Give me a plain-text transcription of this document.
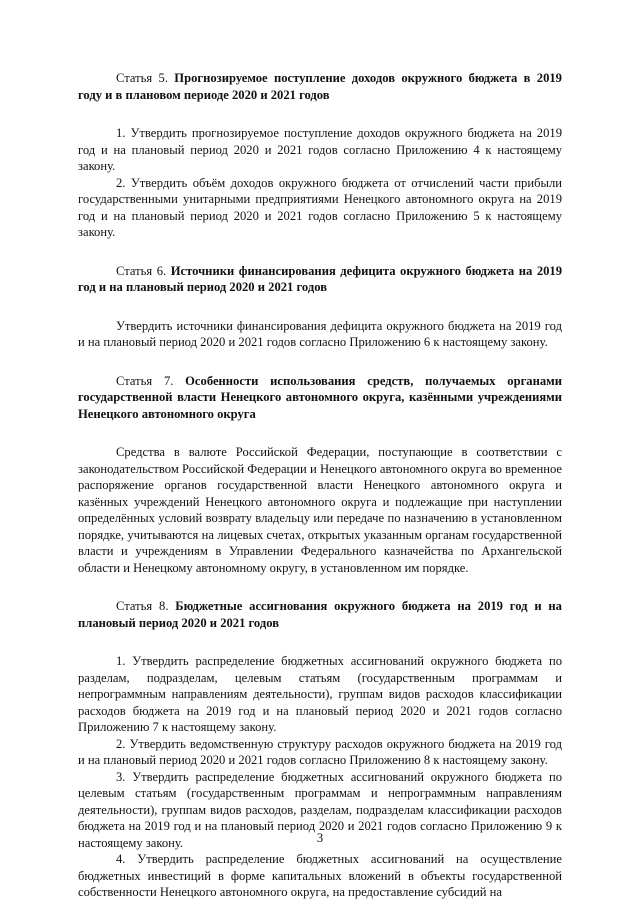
Статья 5. Прогнозируемое поступление доходов окружного бюджета в 2019 году и в плановом периоде 2020 и 2021 годов

1. Утвердить прогнозируемое поступление доходов окружного бюджета на 2019 год и на плановый период 2020 и 2021 годов согласно Приложению 4 к настоящему закону.

2. Утвердить объём доходов окружного бюджета от отчислений части прибыли государственными унитарными предприятиями Ненецкого автономного округа на 2019 год и на плановый период 2020 и 2021 годов согласно Приложению 5 к настоящему закону.

Статья 6. Источники финансирования дефицита окружного бюджета на 2019 год и на плановый период 2020 и 2021 годов

Утвердить источники финансирования дефицита окружного бюджета на 2019 год и на плановый период 2020 и 2021 годов согласно Приложению 6 к настоящему закону.

Статья 7. Особенности использования средств, получаемых органами государственной власти Ненецкого автономного округа, казёнными учреждениями Ненецкого автономного округа

Средства в валюте Российской Федерации, поступающие в соответствии с законодательством Российской Федерации и Ненецкого автономного округа во временное распоряжение органов государственной власти Ненецкого автономного округа и казённых учреждений Ненецкого автономного округа и подлежащие при наступлении определённых условий возврату владельцу или передаче по назначению в установленном порядке, учитываются на лицевых счетах, открытых указанным органам государственной власти и учреждениям в Управлении Федерального казначейства по Архангельской области и Ненецкому автономному округу, в установленном им порядке.

Статья 8. Бюджетные ассигнования окружного бюджета на 2019 год и на плановый период 2020 и 2021 годов

1. Утвердить распределение бюджетных ассигнований окружного бюджета по разделам, подразделам, целевым статьям (государственным программам и непрограммным направлениям деятельности), группам видов расходов классификации расходов бюджета на 2019 год и на плановый период 2020 и 2021 годов согласно Приложению 7 к настоящему закону.

2. Утвердить ведомственную структуру расходов окружного бюджета на 2019 год и на плановый период 2020 и 2021 годов согласно Приложению 8 к настоящему закону.

3. Утвердить распределение бюджетных ассигнований окружного бюджета по целевым статьям (государственным программам и непрограммным направлениям деятельности), группам видов расходов, разделам, подразделам классификации расходов бюджета на 2019 год и на плановый период 2020 и 2021 годов согласно Приложению 9 к настоящему закону.

4. Утвердить распределение бюджетных ассигнований на осуществление бюджетных инвестиций в форме капитальных вложений в объекты государственной собственности Ненецкого автономного округа, на предоставление субсидий на

3
